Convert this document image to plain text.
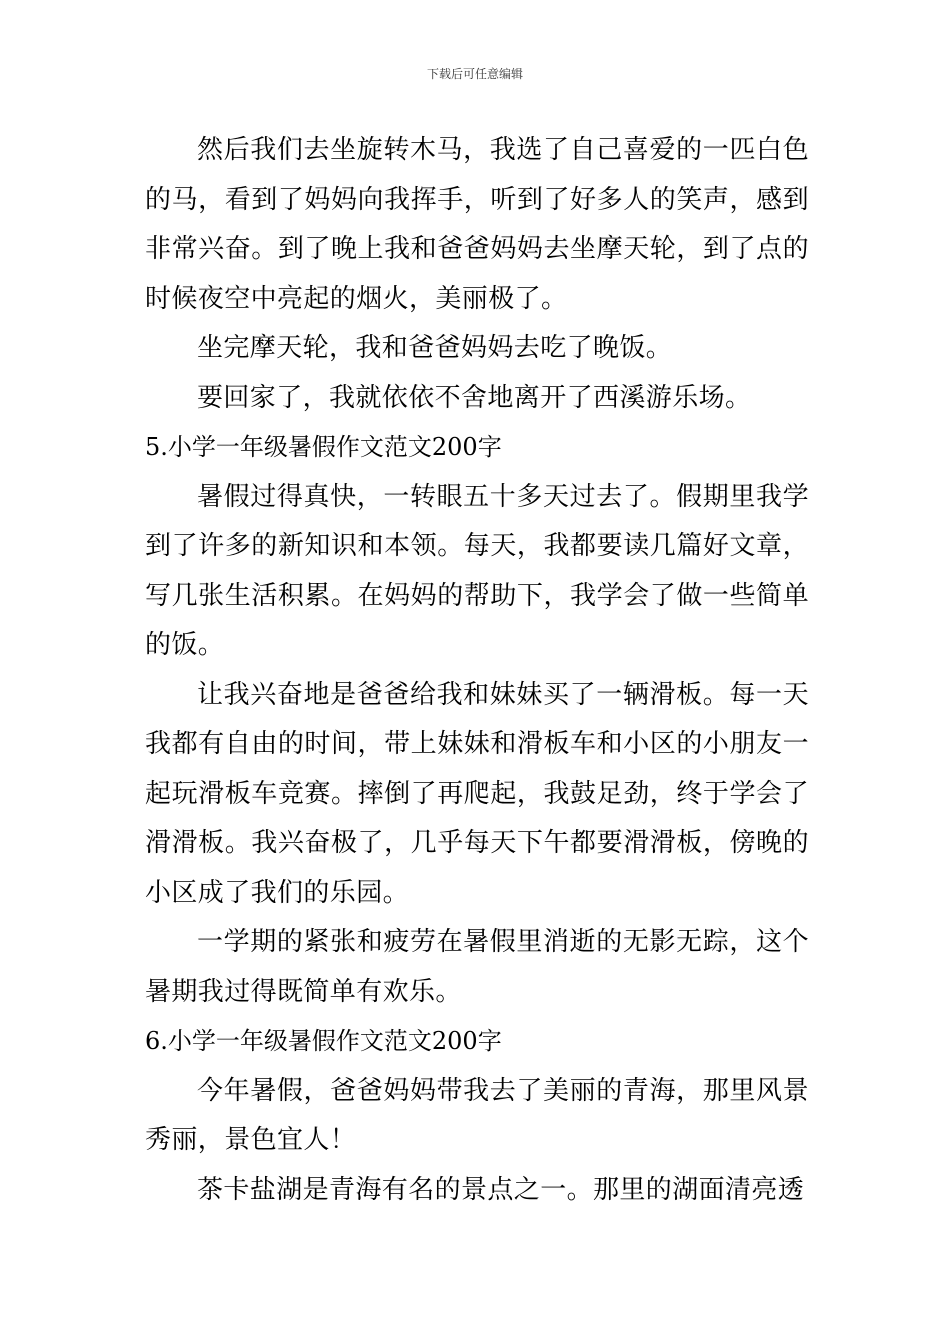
下载后可任意编辑

然后我们去坐旋转木马，我选了自己喜爱的一匹白色的马，看到了妈妈向我挥手，听到了好多人的笑声，感到非常兴奋。到了晚上我和爸爸妈妈去坐摩天轮，到了点的时候夜空中亮起的烟火，美丽极了。

坐完摩天轮，我和爸爸妈妈去吃了晚饭。

要回家了，我就依依不舍地离开了西溪游乐场。

5.小学一年级暑假作文范文200字

暑假过得真快，一转眼五十多天过去了。假期里我学到了许多的新知识和本领。每天，我都要读几篇好文章，写几张生活积累。在妈妈的帮助下，我学会了做一些简单的饭。

让我兴奋地是爸爸给我和妹妹买了一辆滑板。每一天我都有自由的时间，带上妹妹和滑板车和小区的小朋友一起玩滑板车竞赛。摔倒了再爬起，我鼓足劲，终于学会了滑滑板。我兴奋极了，几乎每天下午都要滑滑板，傍晚的小区成了我们的乐园。

一学期的紧张和疲劳在暑假里消逝的无影无踪，这个暑期我过得既简单有欢乐。

6.小学一年级暑假作文范文200字

今年暑假，爸爸妈妈带我去了美丽的青海，那里风景秀丽，景色宜人！

茶卡盐湖是青海有名的景点之一。那里的湖面清亮透
